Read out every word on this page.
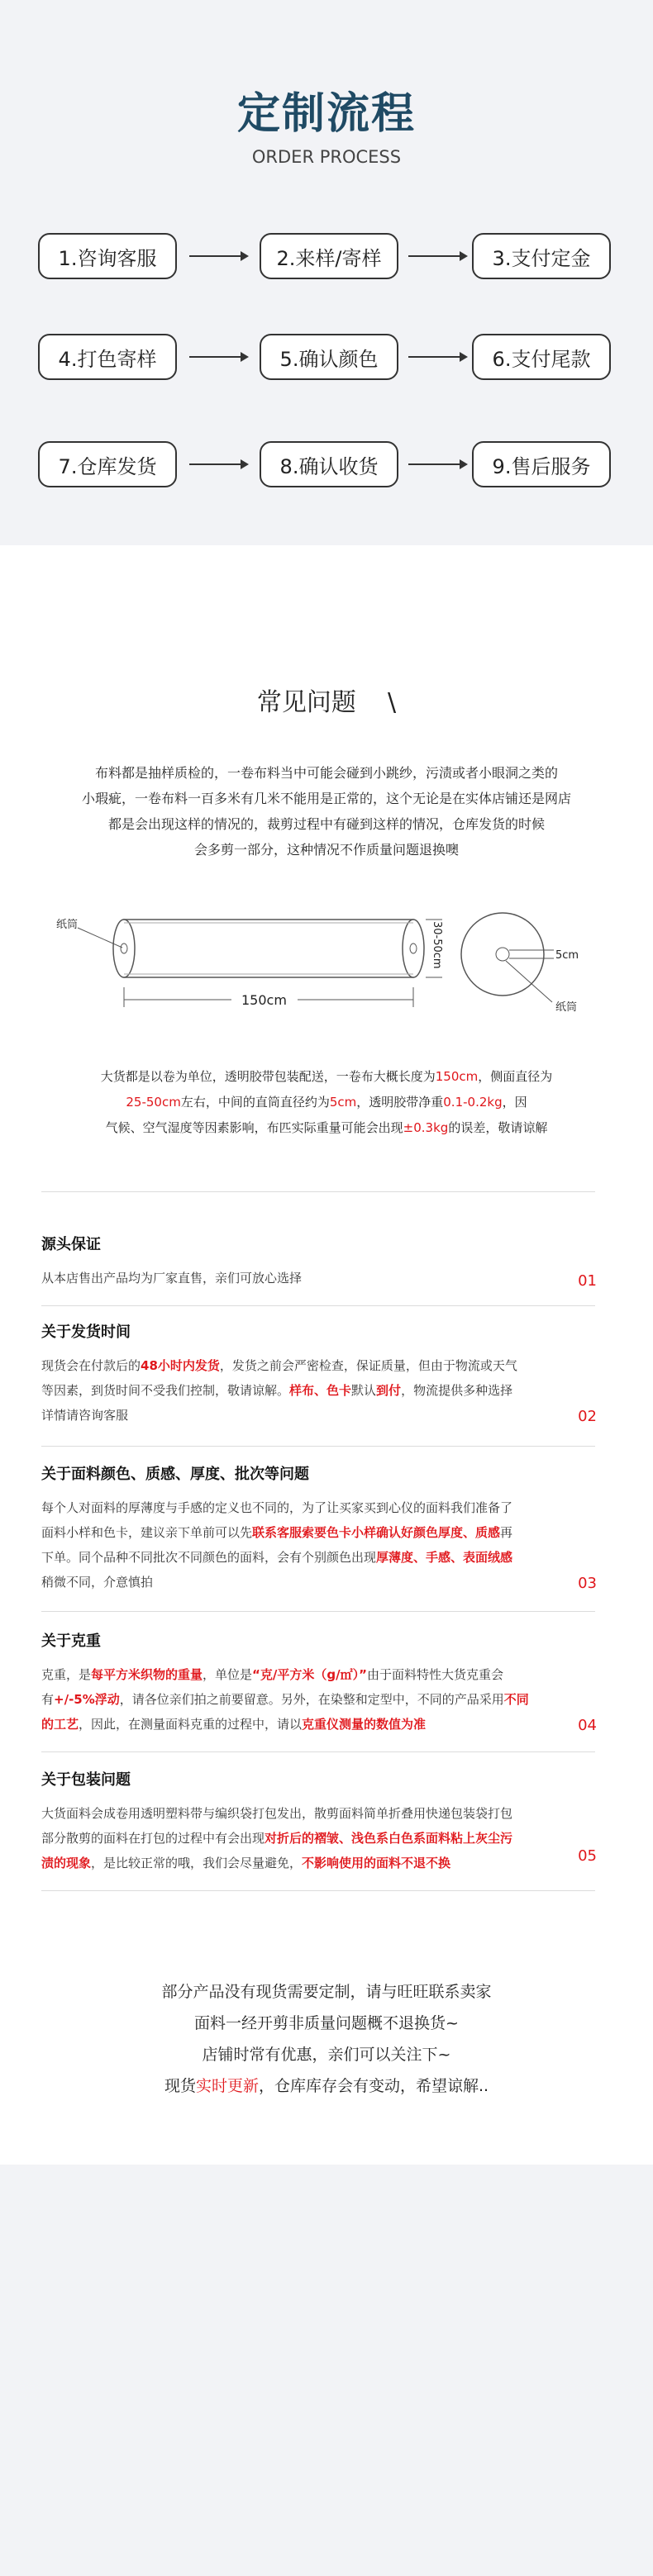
定制流程
ORDER PROCESS
1.咨询客服	2.来样/寄样	3.支付定金
4.打色寄样	5.确认颜色	6.支付尾款
7.仓库发货	8.确认收货	9.售后服务
常见问题 \
布料都是抽样质检的，一卷布料当中可能会碰到小跳纱，污渍或者小眼洞之类的
小瑕疵，一卷布料一百多米有几米不能用是正常的，这个无论是在实体店铺还是网店
都是会出现这样的情况的，裁剪过程中有碰到这样的情况，仓库发货的时候
会多剪一部分，这种情况不作质量问题退换噢
纸筒
150cm
30-50cm	5cm
纸筒
大货都是以卷为单位，透明胶带包装配送，一卷布大概长度为150cm，侧面直径为
25-50cm左右，中间的直筒直径约为5cm，透明胶带净重0.1-0.2kg，因
气候、空气湿度等因素影响，布匹实际重量可能会出现±0.3kg的误差，敬请谅解
源头保证
从本店售出产品均为厂家直售，亲们可放心选择	01
关于发货时间
现货会在付款后的48小时内发货，发货之前会严密检查，保证质量，但由于物流或天气
等因素，到货时间不受我们控制，敬请谅解。样布、色卡默认到付，物流提供多种选择
详情请咨询客服	02
关于面料颜色、质感、厚度、批次等问题
每个人对面料的厚薄度与手感的定义也不同的，为了让买家买到心仪的面料我们准备了
面料小样和色卡，建议亲下单前可以先联系客服索要色卡小样确认好颜色厚度、质感再
下单。同个品种不同批次不同颜色的面料，会有个别颜色出现厚薄度、手感、表面绒感
稍微不同，介意慎拍	03
关于克重
克重，是每平方米织物的重量，单位是“克/平方米（g/㎡）”由于面料特性大货克重会
有+/-5%浮动，请各位亲们拍之前要留意。另外，在染整和定型中，不同的产品采用不同
的工艺，因此，在测量面料克重的过程中，请以克重仪测量的数值为准	04
关于包装问题
大货面料会成卷用透明塑料带与编织袋打包发出，散剪面料简单折叠用快递包装袋打包
部分散剪的面料在打包的过程中有会出现对折后的褶皱、浅色系白色系面料粘上灰尘污
渍的现象，是比较正常的哦，我们会尽量避免，不影响使用的面料不退不换	05
部分产品没有现货需要定制，请与旺旺联系卖家
面料一经开剪非质量问题概不退换货~
店铺时常有优惠，亲们可以关注下~
现货实时更新，仓库库存会有变动，希望谅解..
